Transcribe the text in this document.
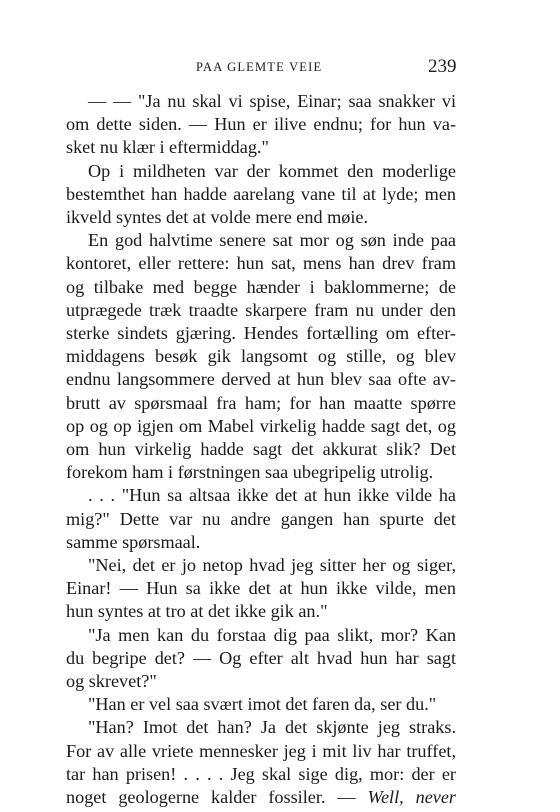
PAA GLEMTE VEIE	239
— — "Ja nu skal vi spise, Einar; saa snakker vi
om dette siden. — Hun er ilive endnu; for hun va-
sket nu klær i eftermiddag."
Op i mildheten var der kommet den moderlige
bestemthet han hadde aarelang vane til at lyde; men
ikveld syntes det at volde mere end møie.
En god halvtime senere sat mor og søn inde paa
kontoret, eller rettere: hun sat, mens han drev fram
og tilbake med begge hænder i baklommerne; de
utprægede træk traadte skarpere fram nu under den
sterke sindets gjæring. Hendes fortælling om efter-
middagens besøk gik langsomt og stille, og blev
endnu langsommere derved at hun blev saa ofte av-
brutt av spørsmaal fra ham; for han maatte spørre
op og op igjen om Mabel virkelig hadde sagt det, og
om hun virkelig hadde sagt det akkurat slik? Det
forekom ham i førstningen saa ubegripelig utrolig.
. . . "Hun sa altsaa ikke det at hun ikke vilde ha
mig?" Dette var nu andre gangen han spurte det
samme spørsmaal.
"Nei, det er jo netop hvad jeg sitter her og siger,
Einar! — Hun sa ikke det at hun ikke vilde, men
hun syntes at tro at det ikke gik an."
"Ja men kan du forstaa dig paa slikt, mor? Kan
du begripe det? — Og efter alt hvad hun har sagt
og skrevet?"
"Han er vel saa svært imot det faren da, ser du."
"Han? Imot det han? Ja det skjønte jeg straks.
For av alle vriete mennesker jeg i mit liv har truffet,
tar han prisen! . . . . Jeg skal sige dig, mor: der er
noget geologerne kalder fossiler. — Well, never
